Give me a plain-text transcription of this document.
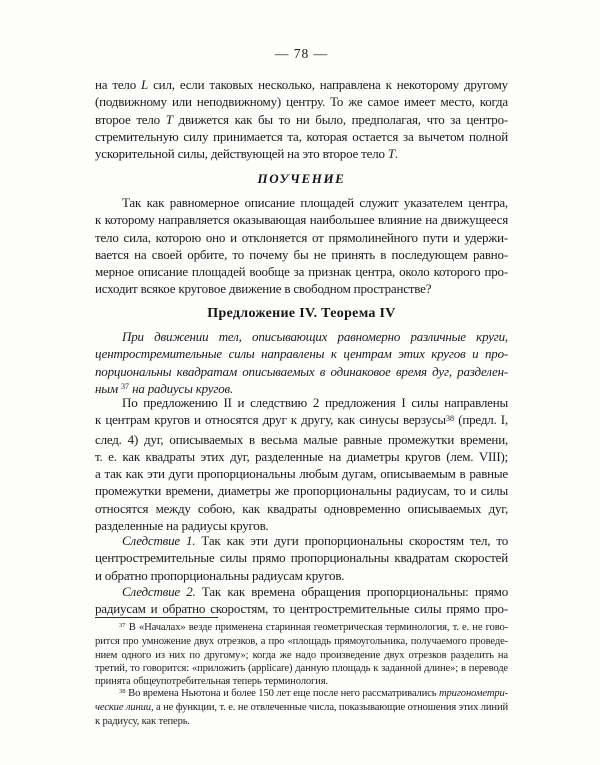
— 78 —
на тело L сил, если таковых несколько, направлена к некоторому другому
(подвижному или неподвижному) центру. То же самое имеет место, когда
второе тело T движется как бы то ни было, предполагая, что за центро-
стремительную силу принимается та, которая остается за вычетом полной
ускорительной силы, действующей на это второе тело T.
ПОУЧЕНИЕ
Так как равномерное описание площадей служит указателем центра,
к которому направляется оказывающая наибольшее влияние на движущееся
тело сила, которою оно и отклоняется от прямолинейного пути и удержи-
вается на своей орбите, то почему бы не принять в последующем равно-
мерное описание площадей вообще за признак центра, около которого про-
исходит всякое круговое движение в свободном пространстве?
Предложение IV. Теорема IV
При движении тел, описывающих равномерно различные круги,
центростремительные силы направлены к центрам этих кругов и про-
порциональны квадратам описываемых в одинаковое время дуг, разделен-
ным $^{37}$ на радиусы кругов.
По предложению II и следствию 2 предложения I силы направлены
к центрам кругов и относятся друг к другу, как синусы верзусы$^{38}$ (предл. I,
след. 4) дуг, описываемых в весьма малые равные промежутки времени,
т. е. как квадраты этих дуг, разделенные на диаметры кругов (лем. VIII);
а так как эти дуги пропорциональны любым дугам, описываемым в равные
промежутки времени, диаметры же пропорциональны радиусам, то и силы
относятся между собою, как квадраты одновременно описываемых дуг,
разделенные на радиусы кругов.
Следствие 1. Так как эти дуги пропорциональны скоростям тел, то
центростремительные силы прямо пропорциональны квадратам скоростей
и обратно пропорциональны радиусам кругов.
Следствие 2. Так как времена обращения пропорциональны: прямо
радиусам и обратно скоростям, то центростремительные силы прямо про-
$^{37}$ В «Началах» везде применена старинная геометрическая терминология, т. е. не гово-
рится про умножение двух отрезков, а про «площадь прямоугольника, получаемого проведе-
нием одного из них по другому»; когда же надо произведение двух отрезков разделить на
третий, то говорится: «приложить (applicare) данную площадь к заданной длине»; в переводе
принята общеупотребительная теперь терминология.
$^{38}$ Во времена Ньютона и более 150 лет еще после него рассматривались тригонометри-
ческие линии, а не функции, т. е. не отвлеченные числа, показывающие отношения этих линий
к радиусу, как теперь.
